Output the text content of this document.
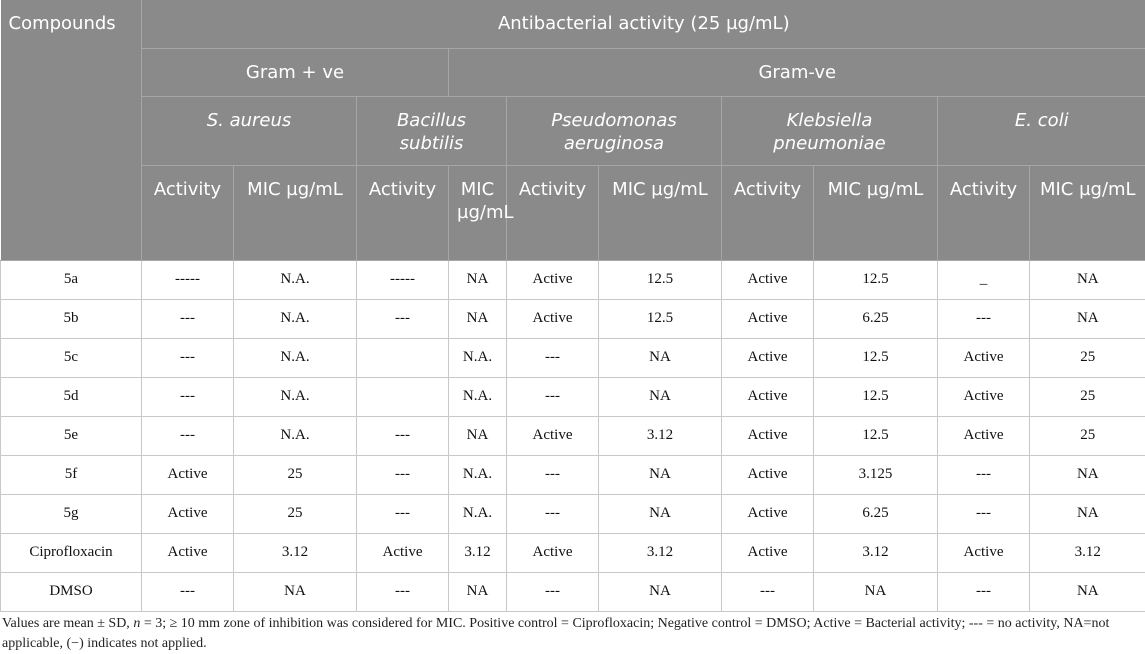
Compounds	Antibacterial activity (25 µg/mL)									
	Gram + ve			Gram-ve						
	S. aureus		Bacillus subtilis		Pseudomonas aeruginosa		Klebsiella pneumoniae		E. coli	
	Activity	MIC µg/mL	Activity	MIC µg/mL	Activity	MIC µg/mL	Activity	MIC µg/mL	Activity	MIC µg/mL
5a	-----	N.A.	-----	NA	Active	12.5	Active	12.5	_	NA
5b	---	N.A.	---	NA	Active	12.5	Active	6.25	---	NA
5c	---	N.A.		N.A.	---	NA	Active	12.5	Active	25
5d	---	N.A.		N.A.	---	NA	Active	12.5	Active	25
5e	---	N.A.	---	NA	Active	3.12	Active	12.5	Active	25
5f	Active	25	---	N.A.	---	NA	Active	3.125	---	NA
5g	Active	25	---	N.A.	---	NA	Active	6.25	---	NA
Ciprofloxacin	Active	3.12	Active	3.12	Active	3.12	Active	3.12	Active	3.12
DMSO	---	NA	---	NA	---	NA	---	NA	---	NA
Values are mean ± SD, n = 3; ≥ 10 mm zone of inhibition was considered for MIC. Positive control = Ciprofloxacin; Negative control = DMSO; Active = Bacterial activity; --- = no activity, NA=not applicable, (−) indicates not applied.
